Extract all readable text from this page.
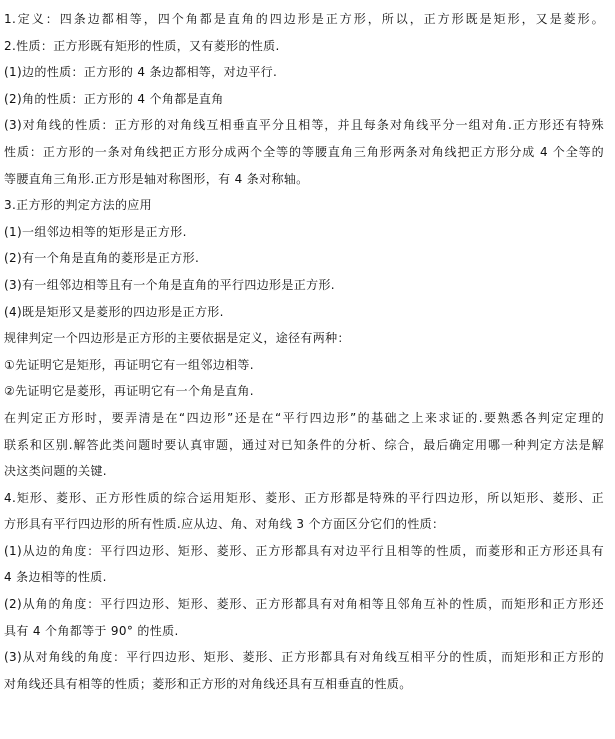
1.定义：四条边都相等，四个角都是直角的四边形是正方形，所以，正方形既是矩形，又是菱形。
2.性质：正方形既有矩形的性质，又有菱形的性质.
(1)边的性质：正方形的 4 条边都相等，对边平行.
(2)角的性质：正方形的 4 个角都是直角
(3)对角线的性质：正方形的对角线互相垂直平分且相等，并且每条对角线平分一组对角.正方形还有特殊
性质：正方形的一条对角线把正方形分成两个全等的等腰直角三角形两条对角线把正方形分成 4 个全等的
等腰直角三角形.正方形是轴对称图形，有 4 条对称轴。
3.正方形的判定方法的应用
(1)一组邻边相等的矩形是正方形.
(2)有一个角是直角的菱形是正方形.
(3)有一组邻边相等且有一个角是直角的平行四边形是正方形.
(4)既是矩形又是菱形的四边形是正方形.
规律判定一个四边形是正方形的主要依据是定义，途径有两种：
①先证明它是矩形，再证明它有一组邻边相等.
②先证明它是菱形，再证明它有一个角是直角.
在判定正方形时，要弄清是在“四边形”还是在“平行四边形”的基础之上来求证的.要熟悉各判定定理的
联系和区别.解答此类问题时要认真审题，通过对已知条件的分析、综合，最后确定用哪一种判定方法是解
决这类问题的关键.
4.矩形、菱形、正方形性质的综合运用矩形、菱形、正方形都是特殊的平行四边形，所以矩形、菱形、正
方形具有平行四边形的所有性质.应从边、角、对角线 3 个方面区分它们的性质：
(1)从边的角度：平行四边形、矩形、菱形、正方形都具有对边平行且相等的性质，而菱形和正方形还具有
4 条边相等的性质.
(2)从角的角度：平行四边形、矩形、菱形、正方形都具有对角相等且邻角互补的性质，而矩形和正方形还
具有 4 个角都等于 90° 的性质.
(3)从对角线的角度：平行四边形、矩形、菱形、正方形都具有对角线互相平分的性质，而矩形和正方形的
对角线还具有相等的性质；菱形和正方形的对角线还具有互相垂直的性质。
